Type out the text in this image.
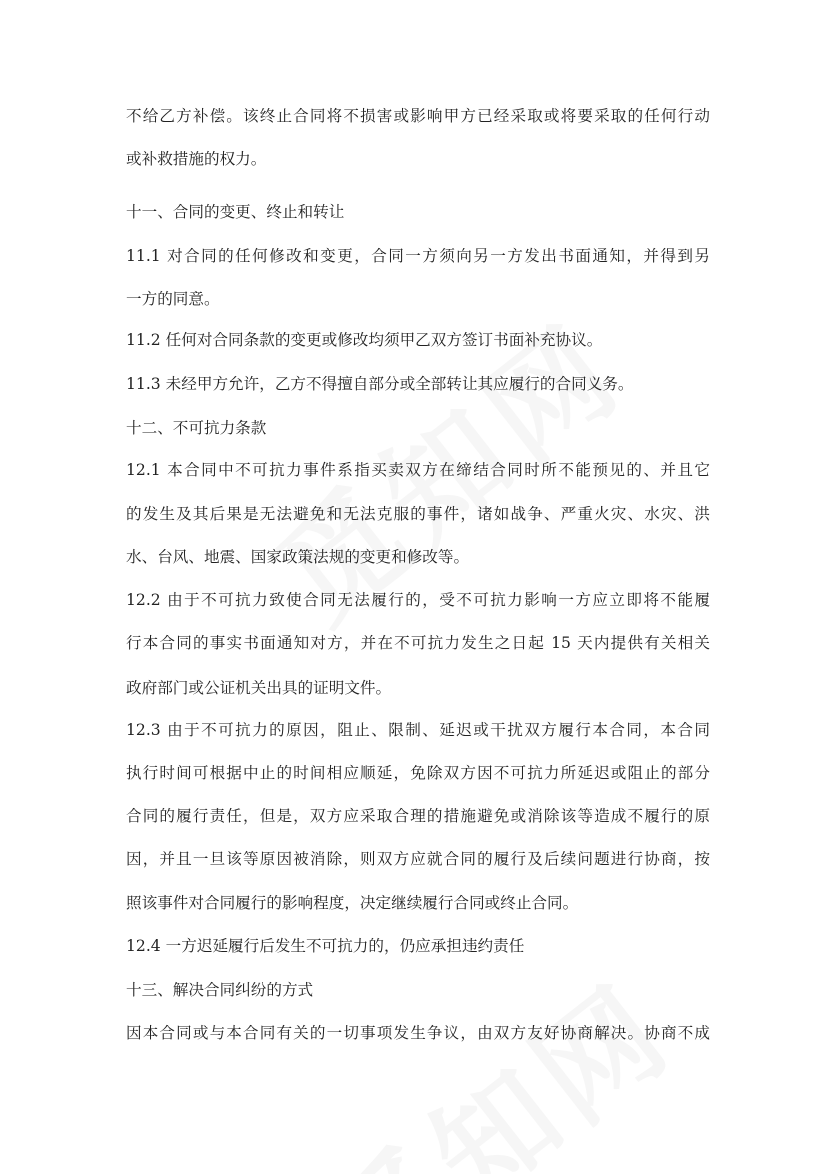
不给乙方补偿。该终止合同将不损害或影响甲方已经采取或将要采取的任何行动
或补救措施的权力。
十一、合同的变更、终止和转让
11.1 对合同的任何修改和变更，合同一方须向另一方发出书面通知，并得到另
一方的同意。
11.2 任何对合同条款的变更或修改均须甲乙双方签订书面补充协议。
11.3 未经甲方允许，乙方不得擅自部分或全部转让其应履行的合同义务。
十二、不可抗力条款
12.1 本合同中不可抗力事件系指买卖双方在缔结合同时所不能预见的、并且它
的发生及其后果是无法避免和无法克服的事件，诸如战争、严重火灾、水灾、洪
水、台风、地震、国家政策法规的变更和修改等。
12.2 由于不可抗力致使合同无法履行的，受不可抗力影响一方应立即将不能履
行本合同的事实书面通知对方，并在不可抗力发生之日起 15 天内提供有关相关
政府部门或公证机关出具的证明文件。
12.3 由于不可抗力的原因，阻止、限制、延迟或干扰双方履行本合同，本合同
执行时间可根据中止的时间相应顺延，免除双方因不可抗力所延迟或阻止的部分
合同的履行责任，但是，双方应采取合理的措施避免或消除该等造成不履行的原
因，并且一旦该等原因被消除，则双方应就合同的履行及后续问题进行协商，按
照该事件对合同履行的影响程度，决定继续履行合同或终止合同。
12.4 一方迟延履行后发生不可抗力的，仍应承担违约责任
十三、解决合同纠纷的方式
因本合同或与本合同有关的一切事项发生争议，由双方友好协商解决。协商不成
